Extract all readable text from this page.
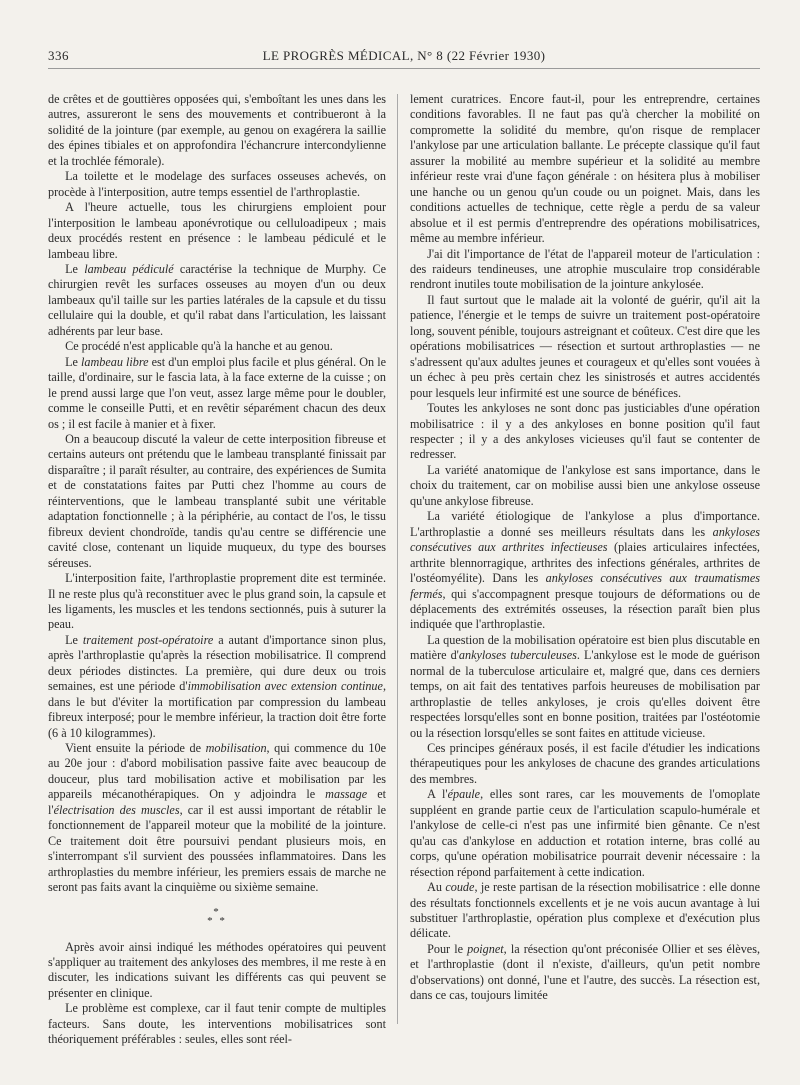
336	LE PROGRÈS MÉDICAL, N° 8 (22 Février 1930)

de crêtes et de gouttières opposées qui, s'emboîtant les unes dans les autres, assureront le sens des mouvements et contribueront à la solidité de la jointure (par exemple, au genou on exagérera la saillie des épines tibiales et on approfondira l'échancrure intercondylienne et la trochlée fémorale).

La toilette et le modelage des surfaces osseuses achevés, on procède à l'interposition, autre temps essentiel de l'arthroplastie.

A l'heure actuelle, tous les chirurgiens emploient pour l'interposition le lambeau aponévrotique ou celluloadipeux ; mais deux procédés restent en présence : le lambeau pédiculé et le lambeau libre.

Le lambeau pédiculé caractérise la technique de Murphy. Ce chirurgien revêt les surfaces osseuses au moyen d'un ou deux lambeaux qu'il taille sur les parties latérales de la capsule et du tissu cellulaire qui la double, et qu'il rabat dans l'articulation, les laissant adhérents par leur base.

Ce procédé n'est applicable qu'à la hanche et au genou.

Le lambeau libre est d'un emploi plus facile et plus général. On le taille, d'ordinaire, sur le fascia lata, à la face externe de la cuisse ; on le prend aussi large que l'on veut, assez large même pour le doubler, comme le conseille Putti, et en revêtir séparément chacun des deux os ; il est facile à manier et à fixer.

On a beaucoup discuté la valeur de cette interposition fibreuse et certains auteurs ont prétendu que le lambeau transplanté finissait par disparaître ; il paraît résulter, au contraire, des expériences de Sumita et de constatations faites par Putti chez l'homme au cours de réinterventions, que le lambeau transplanté subit une véritable adaptation fonctionnelle ; à la périphérie, au contact de l'os, le tissu fibreux devient chondroïde, tandis qu'au centre se différencie une cavité close, contenant un liquide muqueux, du type des bourses séreuses.

L'interposition faite, l'arthroplastie proprement dite est terminée. Il ne reste plus qu'à reconstituer avec le plus grand soin, la capsule et les ligaments, les muscles et les tendons sectionnés, puis à suturer la peau.

Le traitement post-opératoire a autant d'importance sinon plus, après l'arthroplastie qu'après la résection mobilisatrice. Il comprend deux périodes distinctes. La première, qui dure deux ou trois semaines, est une période d'immobilisation avec extension continue, dans le but d'éviter la mortification par compression du lambeau fibreux interposé; pour le membre inférieur, la traction doit être forte (6 à 10 kilogrammes).

Vient ensuite la période de mobilisation, qui commence du 10e au 20e jour : d'abord mobilisation passive faite avec beaucoup de douceur, plus tard mobilisation active et mobilisation par les appareils mécanothérapiques. On y adjoindra le massage et l'électrisation des muscles, car il est aussi important de rétablir le fonctionnement de l'appareil moteur que la mobilité de la jointure. Ce traitement doit être poursuivi pendant plusieurs mois, en s'interrompant s'il survient des poussées inflammatoires. Dans les arthroplasties du membre inférieur, les premiers essais de marche ne seront pas faits avant la cinquième ou sixième semaine.

*
* *

Après avoir ainsi indiqué les méthodes opératoires qui peuvent s'appliquer au traitement des ankyloses des membres, il me reste à en discuter, les indications suivant les différents cas qui peuvent se présenter en clinique.

Le problème est complexe, car il faut tenir compte de multiples facteurs. Sans doute, les interventions mobilisatrices sont théoriquement préférables : seules, elles sont réel-

lement curatrices. Encore faut-il, pour les entreprendre, certaines conditions favorables. Il ne faut pas qu'à chercher la mobilité on compromette la solidité du membre, qu'on risque de remplacer l'ankylose par une articulation ballante. Le précepte classique qu'il faut assurer la mobilité au membre supérieur et la solidité au membre inférieur reste vrai d'une façon générale : on hésitera plus à mobiliser une hanche ou un genou qu'un coude ou un poignet. Mais, dans les conditions actuelles de technique, cette règle a perdu de sa valeur absolue et il est permis d'entreprendre des opérations mobilisatrices, même au membre inférieur.

J'ai dit l'importance de l'état de l'appareil moteur de l'articulation : des raideurs tendineuses, une atrophie musculaire trop considérable rendront inutiles toute mobilisation de la jointure ankylosée.

Il faut surtout que le malade ait la volonté de guérir, qu'il ait la patience, l'énergie et le temps de suivre un traitement post-opératoire long, souvent pénible, toujours astreignant et coûteux. C'est dire que les opérations mobilisatrices — résection et surtout arthroplasties — ne s'adressent qu'aux adultes jeunes et courageux et qu'elles sont vouées à un échec à peu près certain chez les sinistrosés et autres accidentés pour lesquels leur infirmité est une source de bénéfices.

Toutes les ankyloses ne sont donc pas justiciables d'une opération mobilisatrice : il y a des ankyloses en bonne position qu'il faut respecter ; il y a des ankyloses vicieuses qu'il faut se contenter de redresser.

La variété anatomique de l'ankylose est sans importance, dans le choix du traitement, car on mobilise aussi bien une ankylose osseuse qu'une ankylose fibreuse.

La variété étiologique de l'ankylose a plus d'importance. L'arthroplastie a donné ses meilleurs résultats dans les ankyloses consécutives aux arthrites infectieuses (plaies articulaires infectées, arthrite blennorragique, arthrites des infections générales, arthrites de l'ostéomyélite). Dans les ankyloses consécutives aux traumatismes fermés, qui s'accompagnent presque toujours de déformations ou de déplacements des extrémités osseuses, la résection paraît bien plus indiquée que l'arthroplastie.

La question de la mobilisation opératoire est bien plus discutable en matière d'ankyloses tuberculeuses. L'ankylose est le mode de guérison normal de la tuberculose articulaire et, malgré que, dans ces derniers temps, on ait fait des tentatives parfois heureuses de mobilisation par arthroplastie de telles ankyloses, je crois qu'elles doivent être respectées lorsqu'elles sont en bonne position, traitées par l'ostéotomie ou la résection lorsqu'elles se sont faites en attitude vicieuse.

Ces principes généraux posés, il est facile d'étudier les indications thérapeutiques pour les ankyloses de chacune des grandes articulations des membres.

A l'épaule, elles sont rares, car les mouvements de l'omoplate suppléent en grande partie ceux de l'articulation scapulo-humérale et l'ankylose de celle-ci n'est pas une infirmité bien gênante. Ce n'est qu'au cas d'ankylose en adduction et rotation interne, bras collé au corps, qu'une opération mobilisatrice pourrait devenir nécessaire : la résection répond parfaitement à cette indication.

Au coude, je reste partisan de la résection mobilisatrice : elle donne des résultats fonctionnels excellents et je ne vois aucun avantage à lui substituer l'arthroplastie, opération plus complexe et d'exécution plus délicate.

Pour le poignet, la résection qu'ont préconisée Ollier et ses élèves, et l'arthroplastie (dont il n'existe, d'ailleurs, qu'un petit nombre d'observations) ont donné, l'une et l'autre, des succès. La résection est, dans ce cas, toujours limitée
